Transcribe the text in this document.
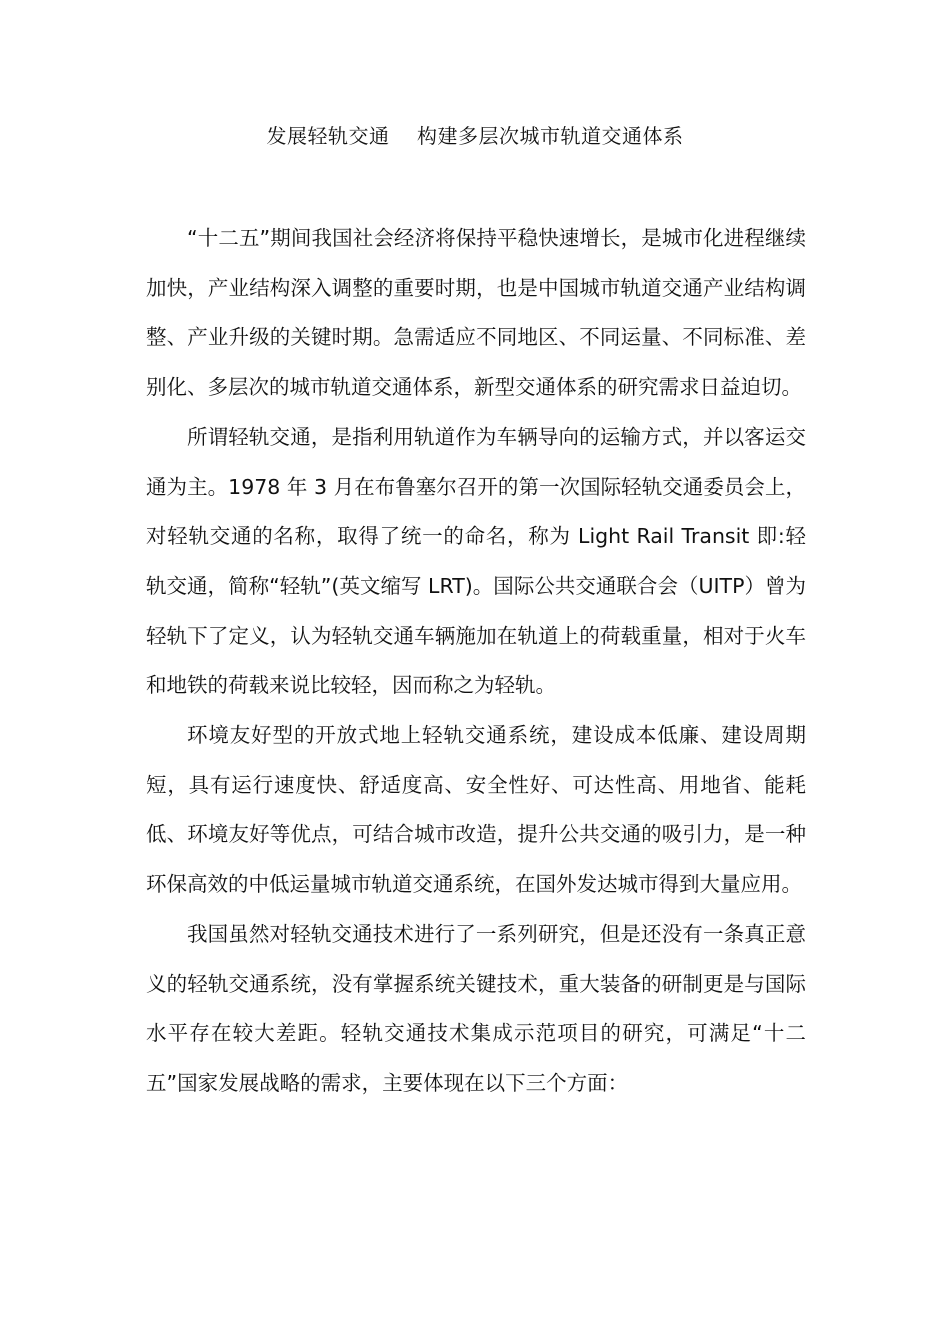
发展轻轨交通    构建多层次城市轨道交通体系

“十二五”期间我国社会经济将保持平稳快速增长，是城市化进程继续加快，产业结构深入调整的重要时期，也是中国城市轨道交通产业结构调整、产业升级的关键时期。急需适应不同地区、不同运量、不同标准、差别化、多层次的城市轨道交通体系，新型交通体系的研究需求日益迫切。

所谓轻轨交通，是指利用轨道作为车辆导向的运输方式，并以客运交通为主。1978 年 3 月在布鲁塞尔召开的第一次国际轻轨交通委员会上，对轻轨交通的名称，取得了统一的命名，称为 Light Rail Transit 即:轻轨交通，简称“轻轨”(英文缩写 LRT)。国际公共交通联合会（UITP）曾为轻轨下了定义，认为轻轨交通车辆施加在轨道上的荷载重量，相对于火车和地铁的荷载来说比较轻，因而称之为轻轨。

环境友好型的开放式地上轻轨交通系统，建设成本低廉、建设周期短，具有运行速度快、舒适度高、安全性好、可达性高、用地省、能耗低、环境友好等优点，可结合城市改造，提升公共交通的吸引力，是一种环保高效的中低运量城市轨道交通系统，在国外发达城市得到大量应用。

我国虽然对轻轨交通技术进行了一系列研究，但是还没有一条真正意义的轻轨交通系统，没有掌握系统关键技术，重大装备的研制更是与国际水平存在较大差距。轻轨交通技术集成示范项目的研究，可满足“十二五”国家发展战略的需求，主要体现在以下三个方面：
